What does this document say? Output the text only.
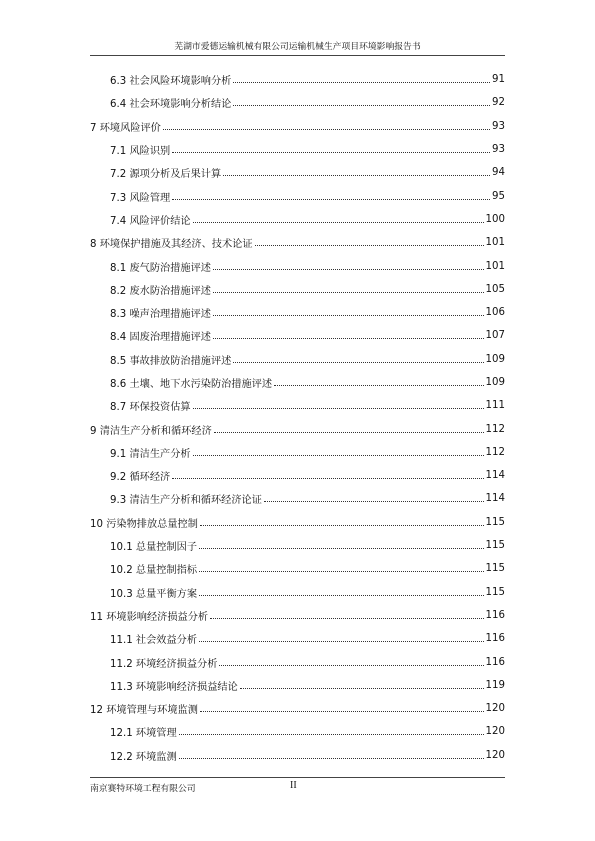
芜湖市爱德运输机械有限公司运输机械生产项目环境影响报告书
6.3 社会风险环境影响分析	91
6.4 社会环境影响分析结论	92
7 环境风险评价	93
7.1 风险识别	93
7.2 源项分析及后果计算	94
7.3 风险管理	95
7.4 风险评价结论	100
8 环境保护措施及其经济、技术论证	101
8.1 废气防治措施评述	101
8.2 废水防治措施评述	105
8.3 噪声治理措施评述	106
8.4 固废治理措施评述	107
8.5 事故排放防治措施评述	109
8.6 土壤、地下水污染防治措施评述	109
8.7 环保投资估算	111
9 清洁生产分析和循环经济	112
9.1 清洁生产分析	112
9.2 循环经济	114
9.3 清洁生产分析和循环经济论证	114
10 污染物排放总量控制	115
10.1 总量控制因子	115
10.2 总量控制指标	115
10.3 总量平衡方案	115
11 环境影响经济损益分析	116
11.1 社会效益分析	116
11.2 环境经济损益分析	116
11.3 环境影响经济损益结论	119
12 环境管理与环境监测	120
12.1 环境管理	120
12.2 环境监测	120
南京赛特环境工程有限公司	II
